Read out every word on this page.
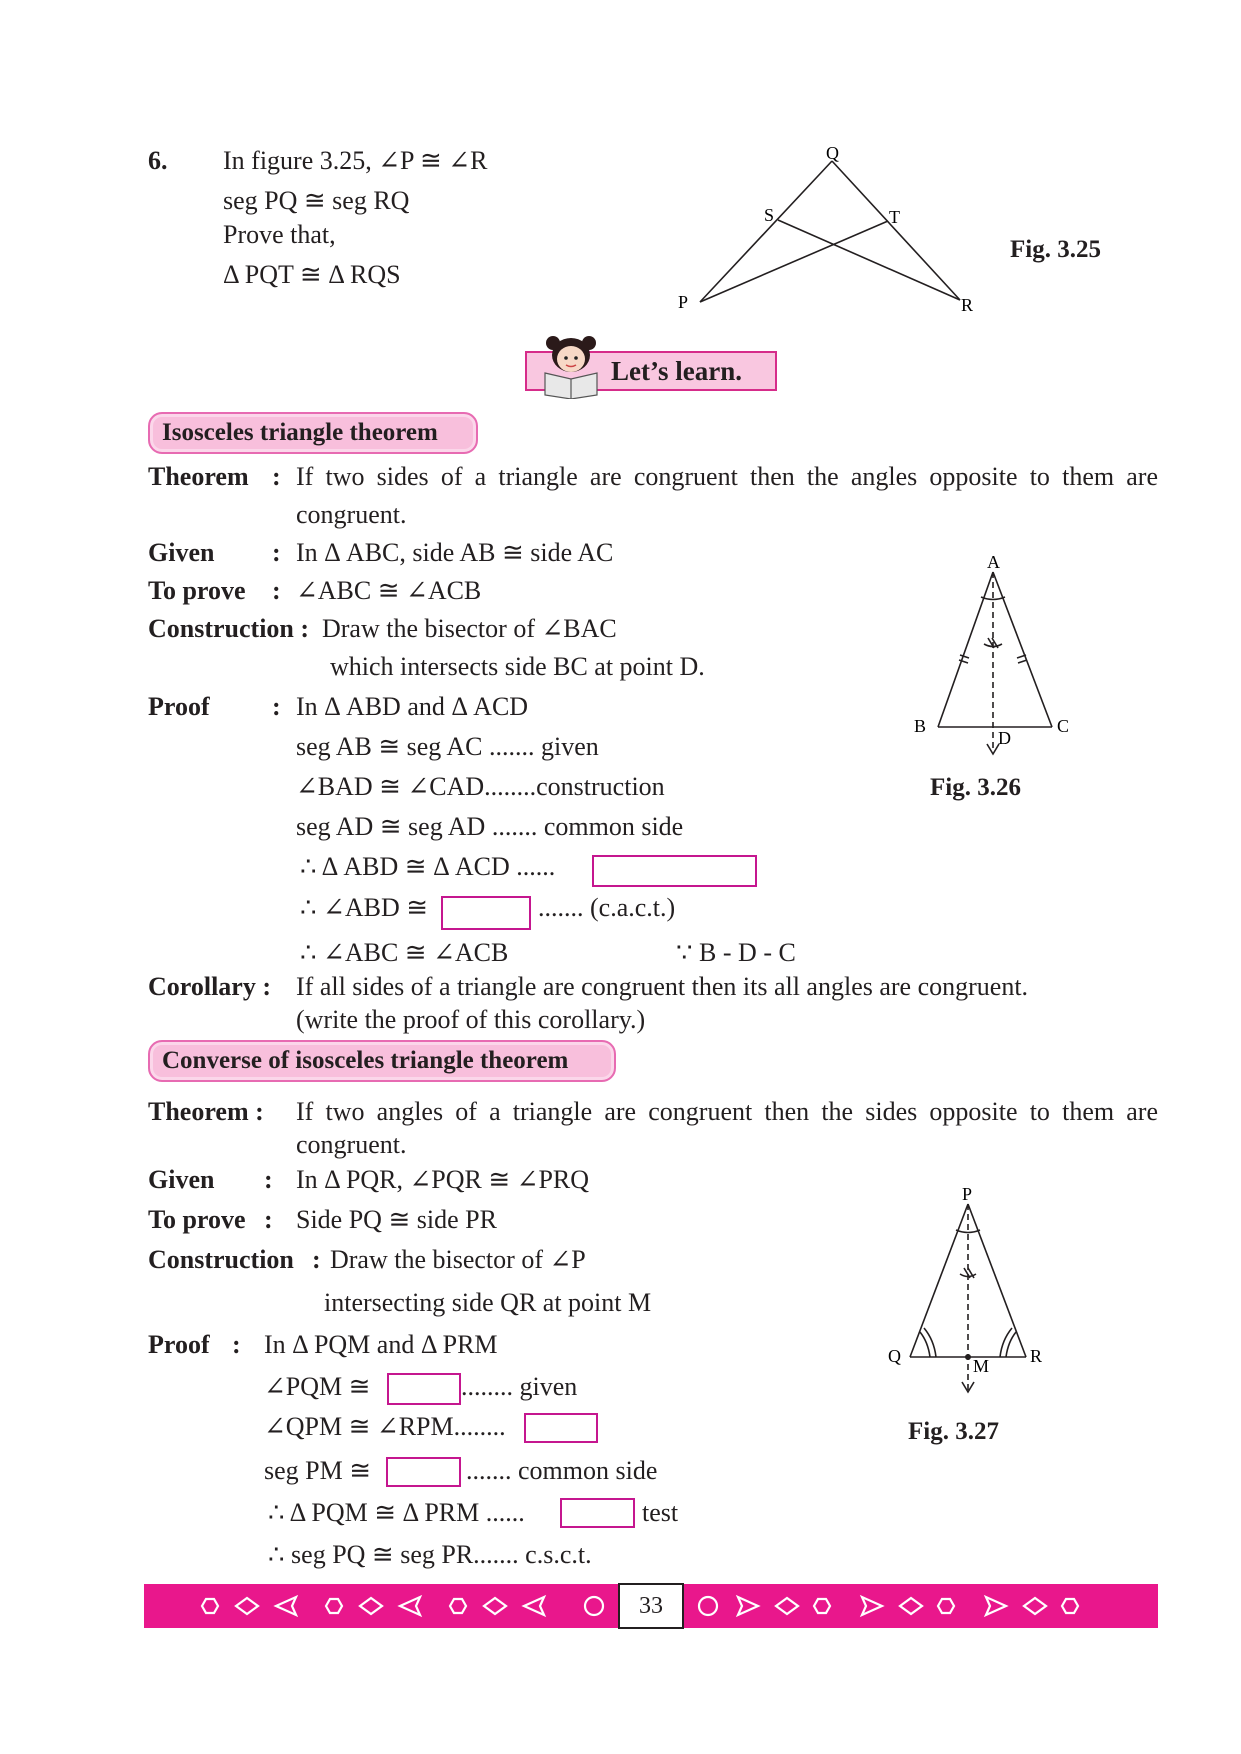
6. In figure 3.25, ∠P ≅ ∠R
seg PQ ≅ seg RQ
Prove that,
Δ PQT ≅ Δ RQS
Q
S	T
P	R
Fig. 3.25
Let’s learn.
Isosceles triangle theorem
Theorem : If two sides of a triangle are congruent then the angles opposite to them are
congruent.
Given : In Δ ABC, side AB ≅ side AC
To prove : ∠ABC ≅ ∠ACB
Construction : Draw the bisector of ∠BAC
which intersects side BC at point D.
Proof : In Δ ABD and Δ ACD
seg AB ≅ seg AC ....... given
∠BAD ≅ ∠CAD........construction
seg AD ≅ seg AD ....... common side
∴ Δ ABD ≅ Δ ACD ......
∴ ∠ABD ≅	....... (c.a.c.t.)
∴ ∠ABC ≅ ∠ACB	∵ B - D - C
Corollary : If all sides of a triangle are congruent then its all angles are congruent.
(write the proof of this corollary.)
A
B	C
D
Fig. 3.26
Converse of isosceles triangle theorem
Theorem : If two angles of a triangle are congruent then the sides opposite to them are
congruent.
Given : In Δ PQR, ∠PQR ≅ ∠PRQ
To prove : Side PQ ≅ side PR
Construction : Draw the bisector of ∠P
intersecting side QR at point M
Proof : In Δ PQM and Δ PRM
∠PQM ≅	........ given
∠QPM ≅ ∠RPM........
seg PM ≅	....... common side
∴ Δ PQM ≅ Δ PRM ......	test
∴ seg PQ ≅ seg PR....... c.s.c.t.
P
Q	R
M
Fig. 3.27
33
